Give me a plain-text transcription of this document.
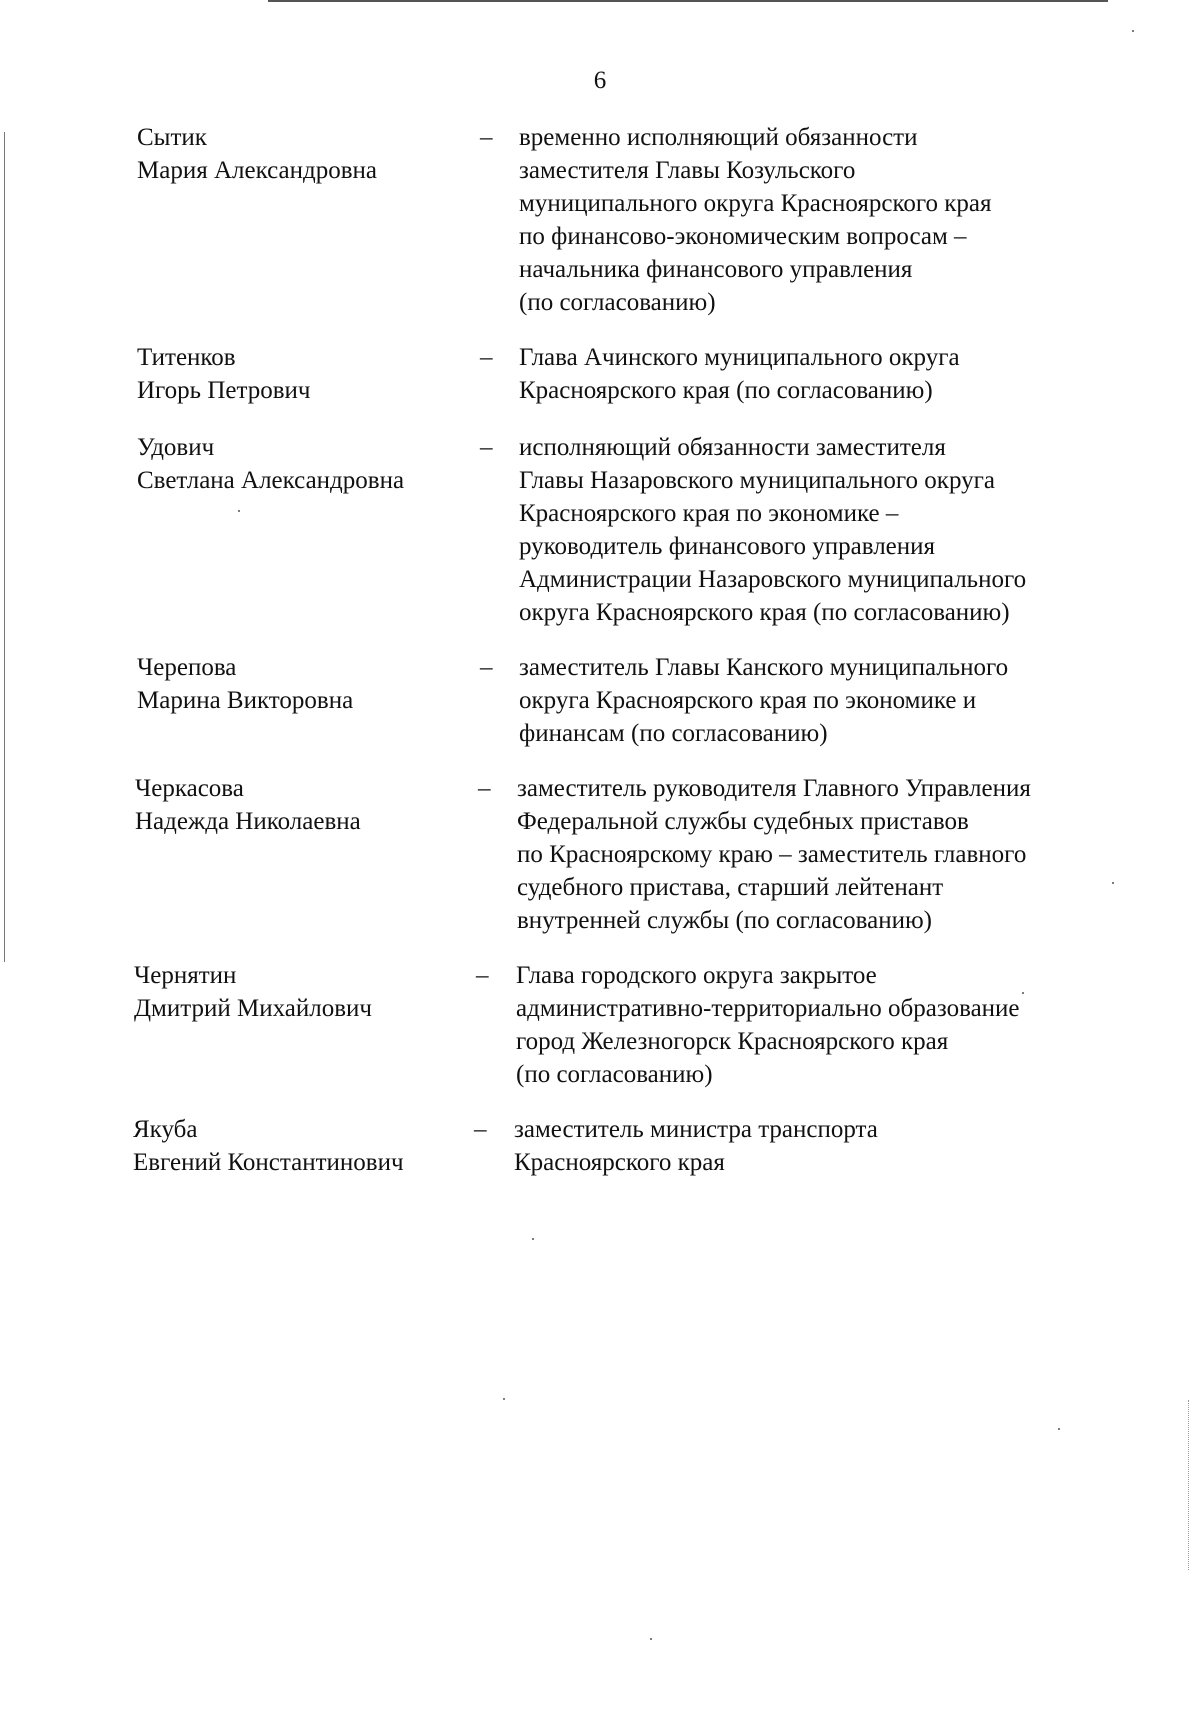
6
Сытик
Мария Александровна
– временно исполняющий обязанности
заместителя Главы Козульского
муниципального округа Красноярского края
по финансово-экономическим вопросам –
начальника финансового управления
(по согласованию)
Титенков
Игорь Петрович
– Глава Ачинского муниципального округа
Красноярского края (по согласованию)
Удович
Светлана Александровна
– исполняющий обязанности заместителя
Главы Назаровского муниципального округа
Красноярского края по экономике –
руководитель финансового управления
Администрации Назаровского муниципального
округа Красноярского края (по согласованию)
Черепова
Марина Викторовна
– заместитель Главы Канского муниципального
округа Красноярского края по экономике и
финансам (по согласованию)
Черкасова
Надежда Николаевна
– заместитель руководителя Главного Управления
Федеральной службы судебных приставов
по Красноярскому краю – заместитель главного
судебного пристава, старший лейтенант
внутренней службы (по согласованию)
Чернятин
Дмитрий Михайлович
– Глава городского округа закрытое
административно-территориально образование
город Железногорск Красноярского края
(по согласованию)
Якуба
Евгений Константинович
– заместитель министра транспорта
Красноярского края
